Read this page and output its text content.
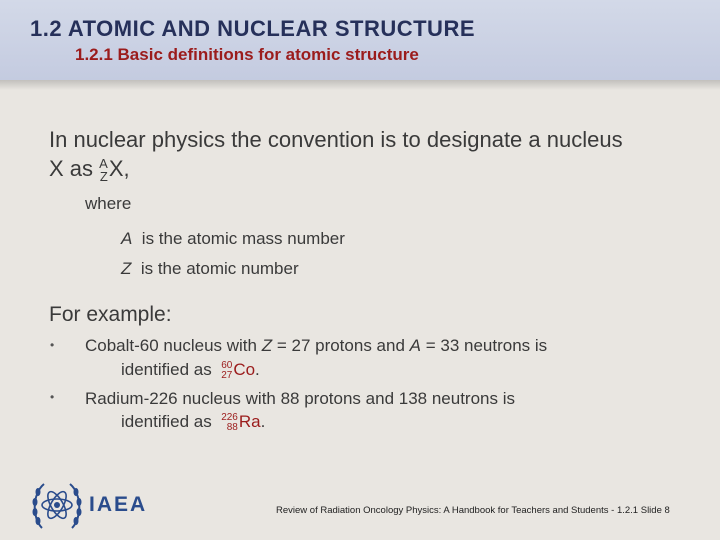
1.2 ATOMIC AND NUCLEAR STRUCTURE
1.2.1 Basic definitions for atomic structure
In nuclear physics the convention is to designate a nucleus
X as A
Z X,
where
A  is the atomic mass number
Z  is the atomic number
For example:
• Cobalt-60 nucleus with Z = 27 protons and A = 33 neutrons is
identified as 60
27 Co.
• Radium-226 nucleus with 88 protons and 138 neutrons is
identified as 226
88 Ra.
IAEA	Review of Radiation Oncology Physics: A Handbook for Teachers and Students - 1.2.1 Slide 8
